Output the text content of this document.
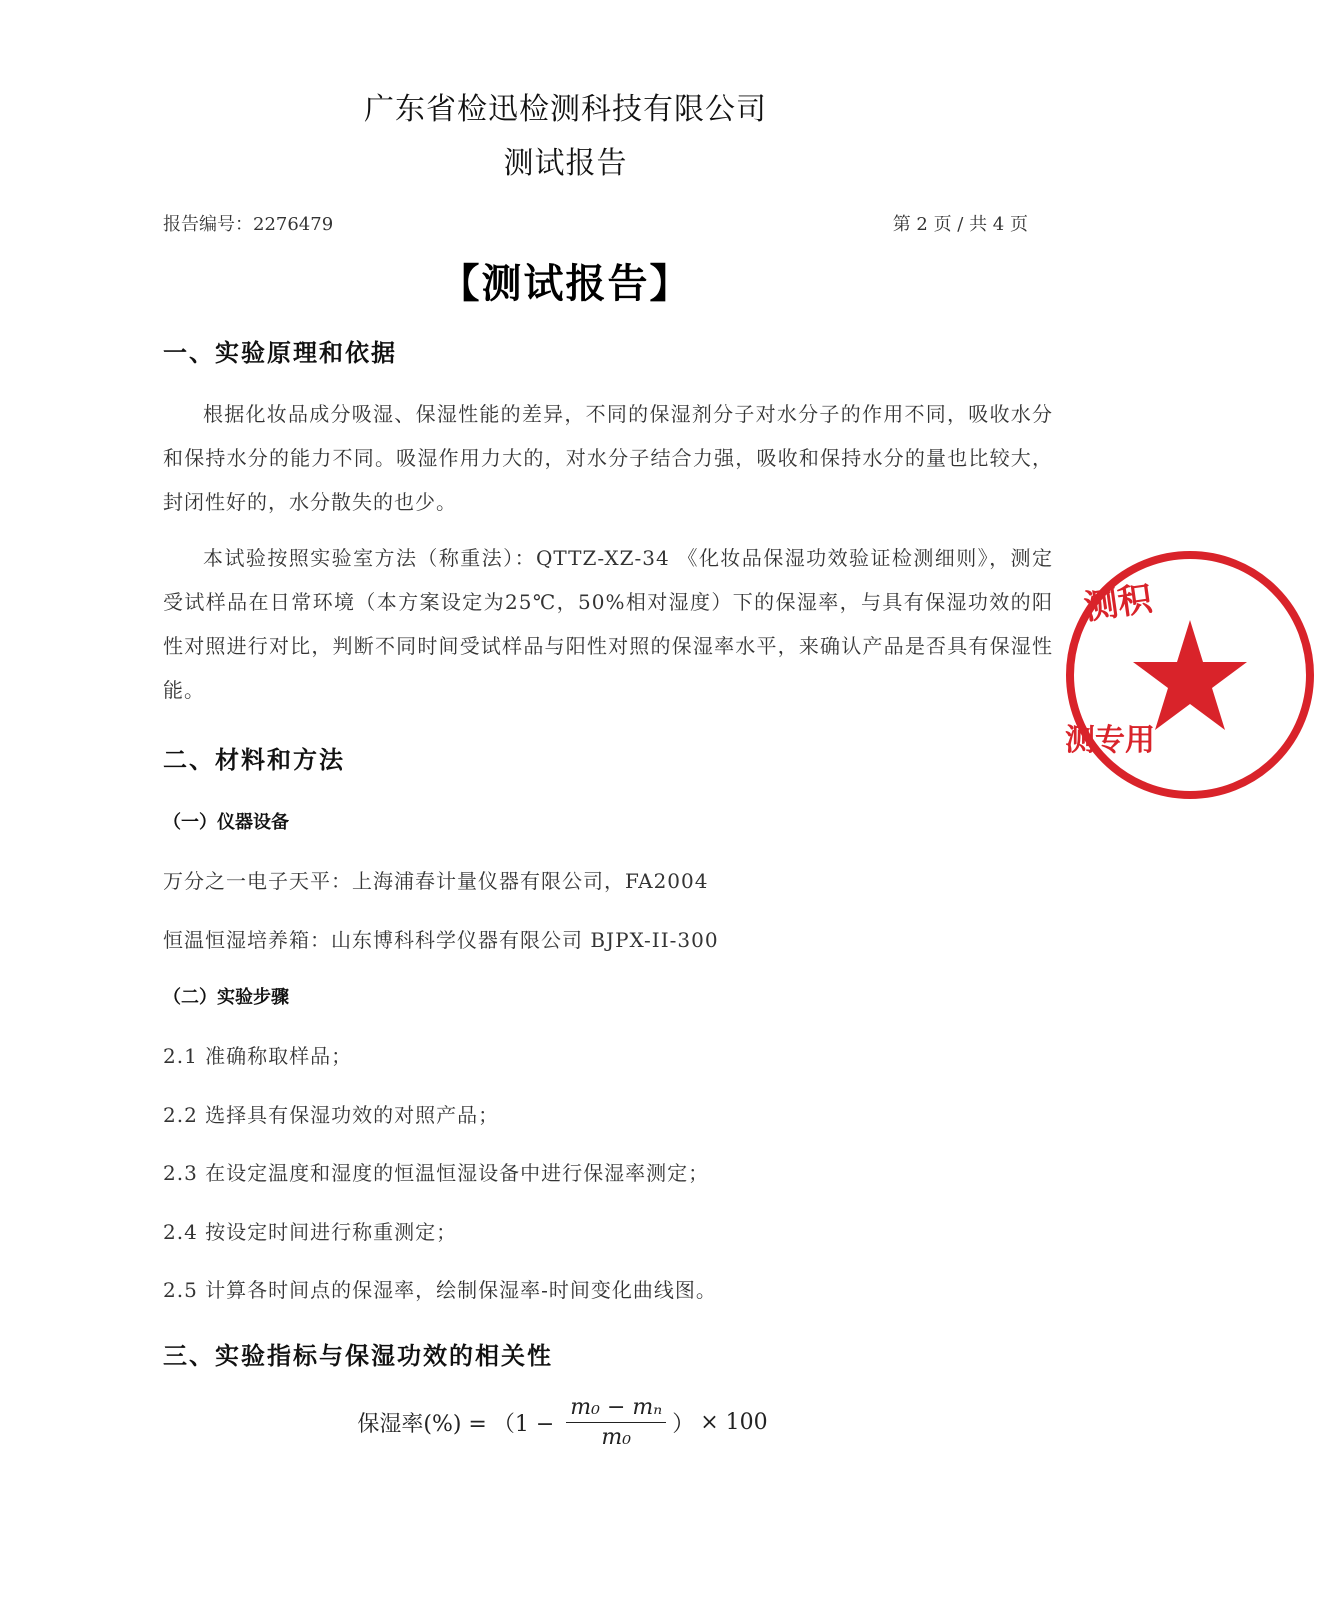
广东省检迅检测科技有限公司
测试报告
报告编号：2276479	第 2 页 / 共 4 页
【测试报告】
一、实验原理和依据
根据化妆品成分吸湿、保湿性能的差异，不同的保湿剂分子对水分子的作用不同，吸收水分和保持水分的能力不同。吸湿作用力大的，对水分子结合力强，吸收和保持水分的量也比较大，封闭性好的，水分散失的也少。
本试验按照实验室方法（称重法）：QTTZ-XZ-34 《化妆品保湿功效验证检测细则》，测定受试样品在日常环境（本方案设定为25℃，50%相对湿度）下的保湿率，与具有保湿功效的阳性对照进行对比，判断不同时间受试样品与阳性对照的保湿率水平，来确认产品是否具有保湿性能。
二、材料和方法
（一）仪器设备
万分之一电子天平：上海浦春计量仪器有限公司，FA2004
恒温恒湿培养箱：山东博科科学仪器有限公司 BJPX-II-300
（二）实验步骤
2.1 准确称取样品；
2.2 选择具有保湿功效的对照产品；
2.3 在设定温度和湿度的恒温恒湿设备中进行保湿率测定；
2.4 按设定时间进行称重测定；
2.5 计算各时间点的保湿率，绘制保湿率-时间变化曲线图。
三、实验指标与保湿功效的相关性
保湿率(%) = （$1 - \frac{\text{m₀ − mₙ}}{\text{m₀}}$ ） × 100
测积
测专用
